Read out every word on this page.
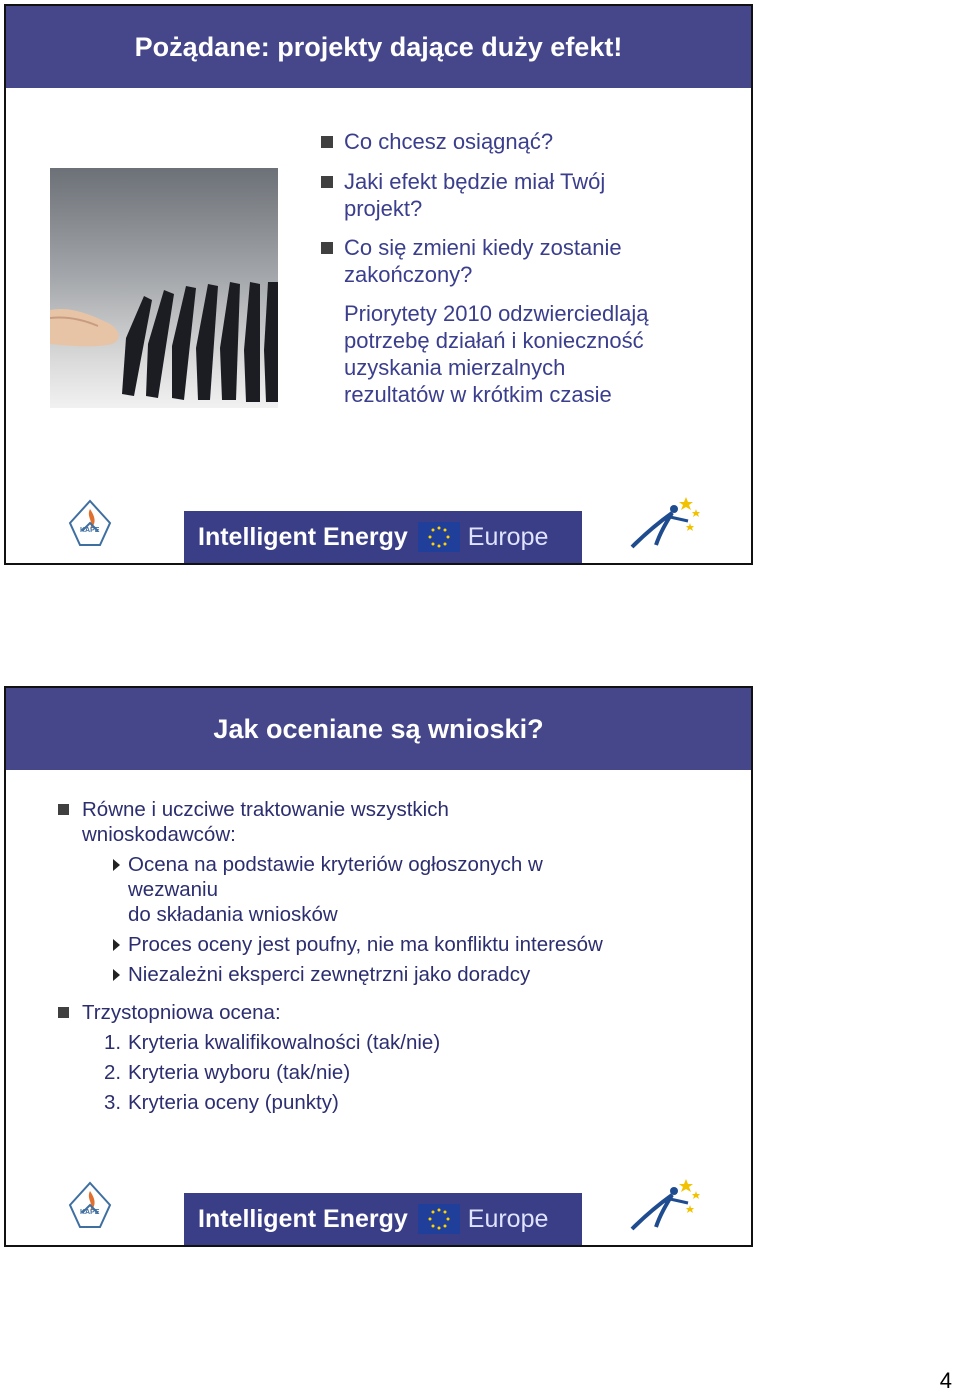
Pożądane: projekty dające duży efekt!
Co chcesz osiągnąć?
Jaki efekt będzie miał Twój
projekt?
Co się zmieni kiedy zostanie
zakończony?
Priorytety 2010 odzwierciedlają
potrzebę działań i konieczność
uzyskania mierzalnych
rezultatów w krótkim czasie
KAPE	Intelligent Energy Europe
Jak oceniane są wnioski?
Równe i uczciwe traktowanie wszystkich
wnioskodawców:
Ocena na podstawie kryteriów ogłoszonych w
wezwaniu
do składania wniosków
Proces oceny jest poufny, nie ma konfliktu interesów
Niezależni eksperci zewnętrzni jako doradcy
Trzystopniowa ocena:
1. Kryteria kwalifikowalności (tak/nie)
2. Kryteria wyboru (tak/nie)
3. Kryteria oceny (punkty)
KAPE	Intelligent Energy Europe
4
